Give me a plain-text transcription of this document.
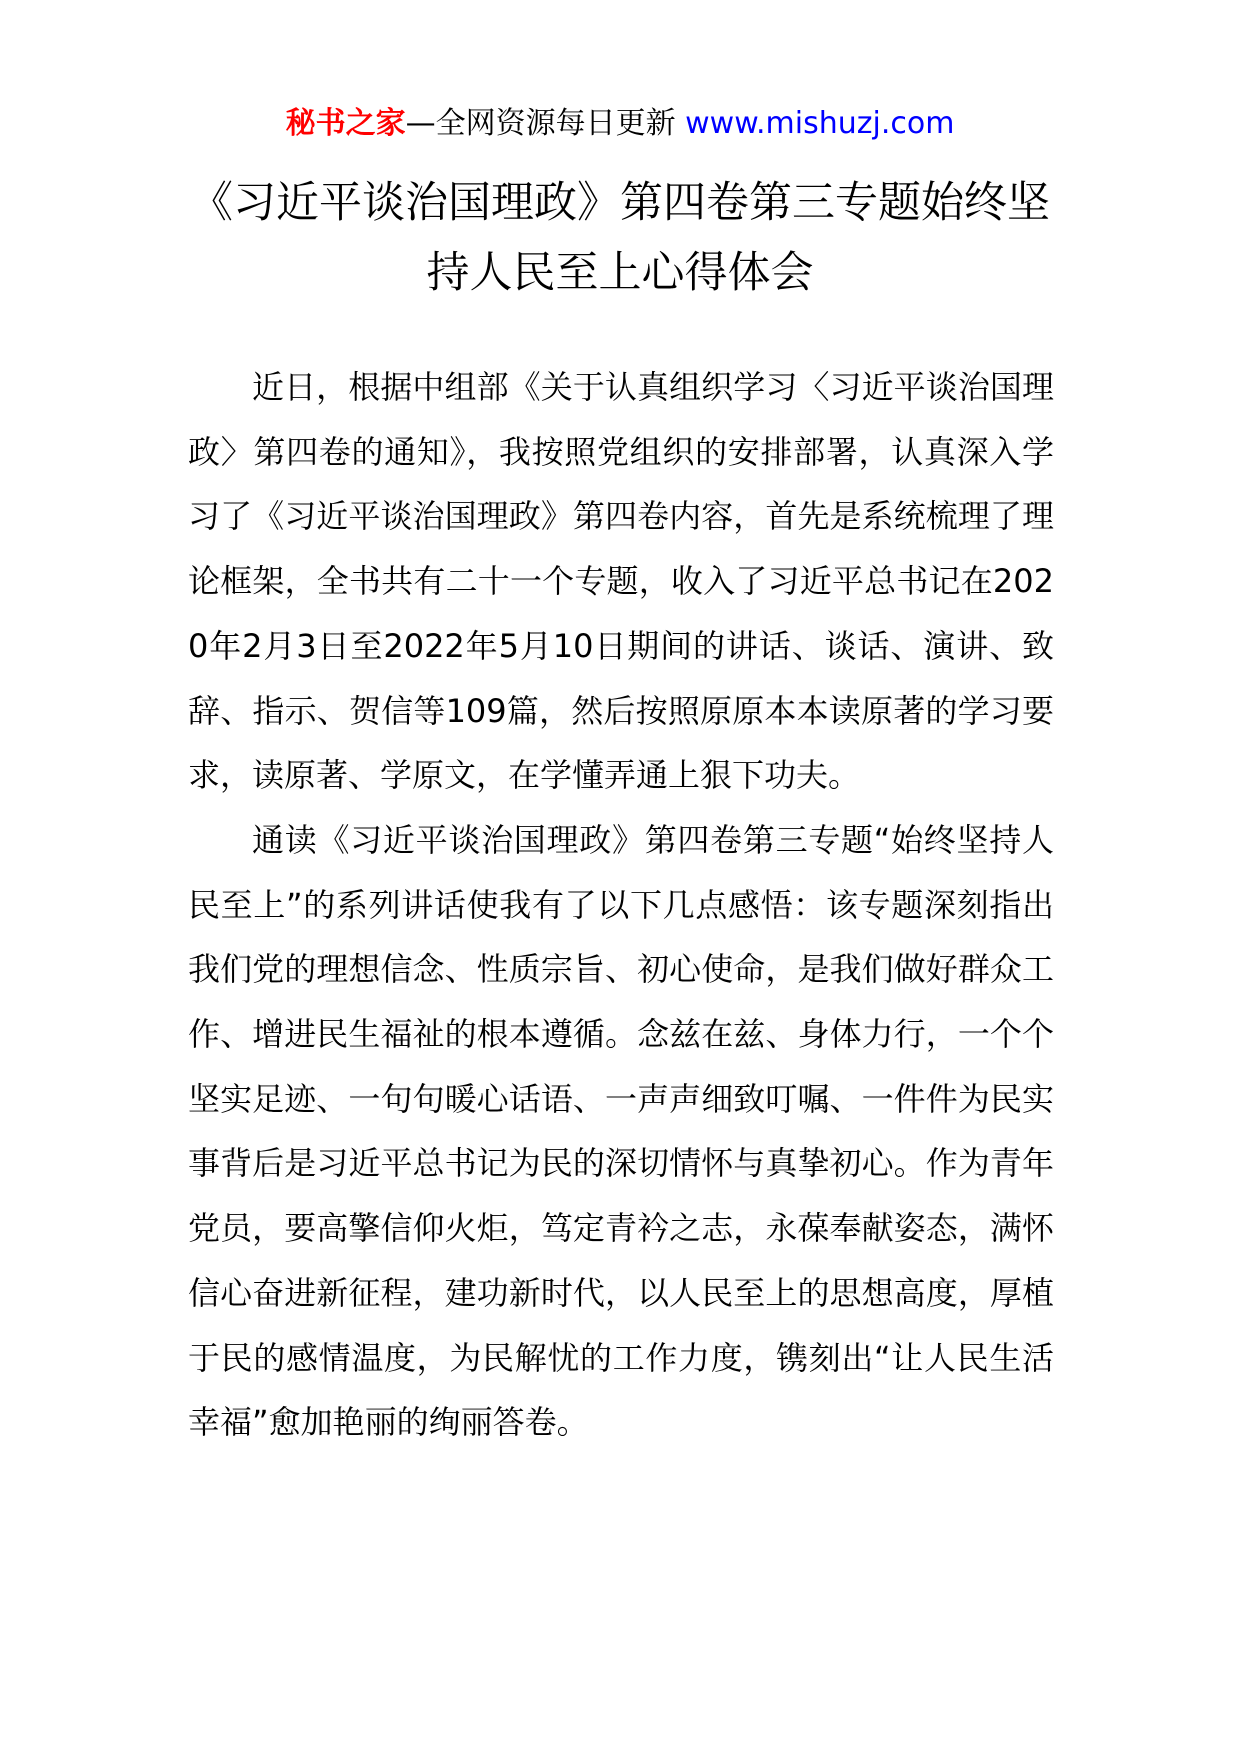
秘书之家—全网资源每日更新 www.mishuzj.com
《习近平谈治国理政》第四卷第三专题始终坚持人民至上心得体会

近日，根据中组部《关于认真组织学习〈习近平谈治国理政〉第四卷的通知》，我按照党组织的安排部署，认真深入学习了《习近平谈治国理政》第四卷内容，首先是系统梳理了理论框架，全书共有二十一个专题，收入了习近平总书记在2020年2月3日至2022年5月10日期间的讲话、谈话、演讲、致辞、指示、贺信等109篇，然后按照原原本本读原著的学习要求，读原著、学原文，在学懂弄通上狠下功夫。

通读《习近平谈治国理政》第四卷第三专题“始终坚持人民至上”的系列讲话使我有了以下几点感悟：该专题深刻指出我们党的理想信念、性质宗旨、初心使命，是我们做好群众工作、增进民生福祉的根本遵循。念兹在兹、身体力行，一个个坚实足迹、一句句暖心话语、一声声细致叮嘱、一件件为民实事背后是习近平总书记为民的深切情怀与真挚初心。作为青年党员，要高擎信仰火炬，笃定青衿之志，永葆奉献姿态，满怀信心奋进新征程，建功新时代，以人民至上的思想高度，厚植于民的感情温度，为民解忧的工作力度，镌刻出“让人民生活幸福”愈加艳丽的绚丽答卷。
